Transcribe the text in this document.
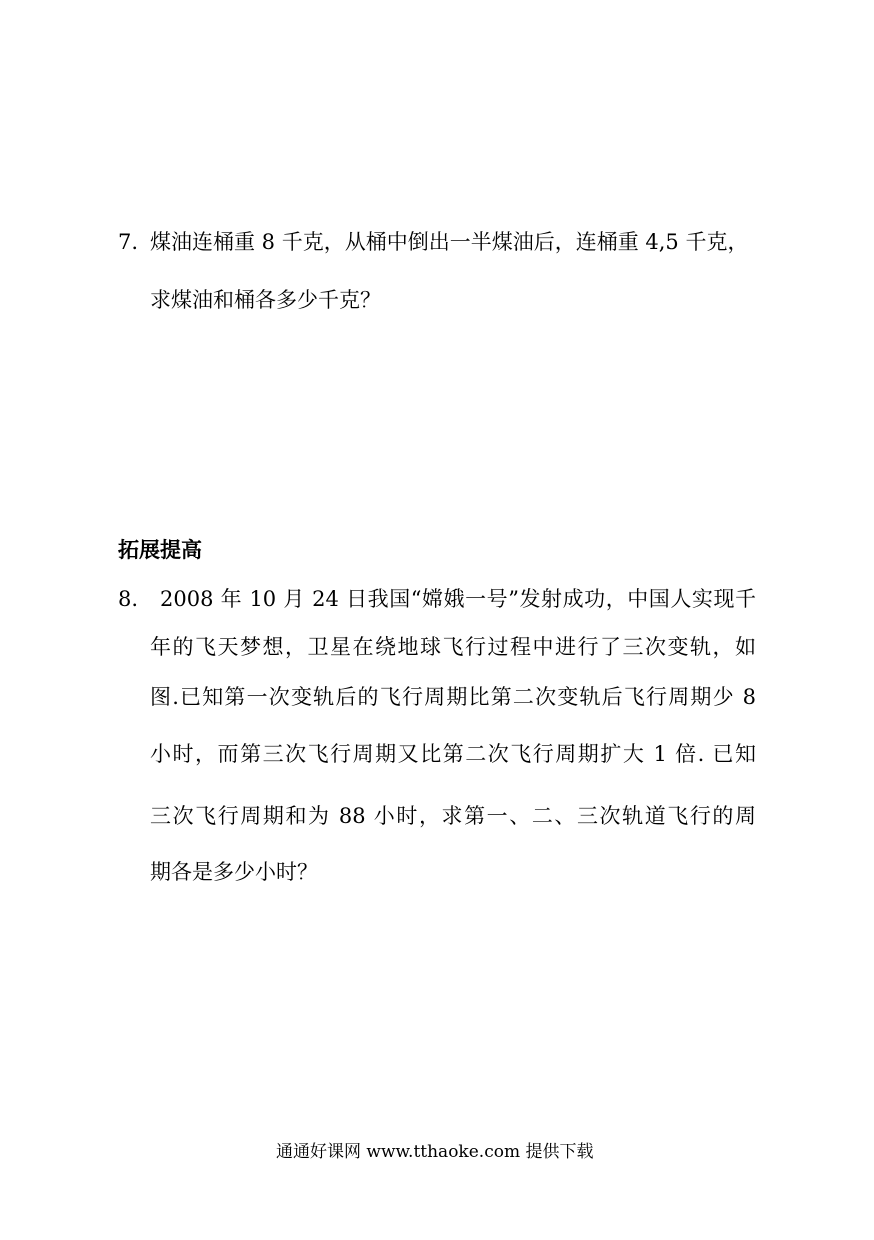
7. 煤油连桶重 8 千克，从桶中倒出一半煤油后，连桶重 4,5 千克，
求煤油和桶各多少千克？
拓展提高
8. 2008 年 10 月 24 日我国“嫦娥一号”发射成功，中国人实现千
年的飞天梦想，卫星在绕地球飞行过程中进行了三次变轨，如
图.已知第一次变轨后的飞行周期比第二次变轨后飞行周期少 8
小时，而第三次飞行周期又比第二次飞行周期扩大 1 倍. 已知
三次飞行周期和为 88 小时，求第一、二、三次轨道飞行的周
期各是多少小时？
通通好课网 www.tthaoke.com 提供下载
